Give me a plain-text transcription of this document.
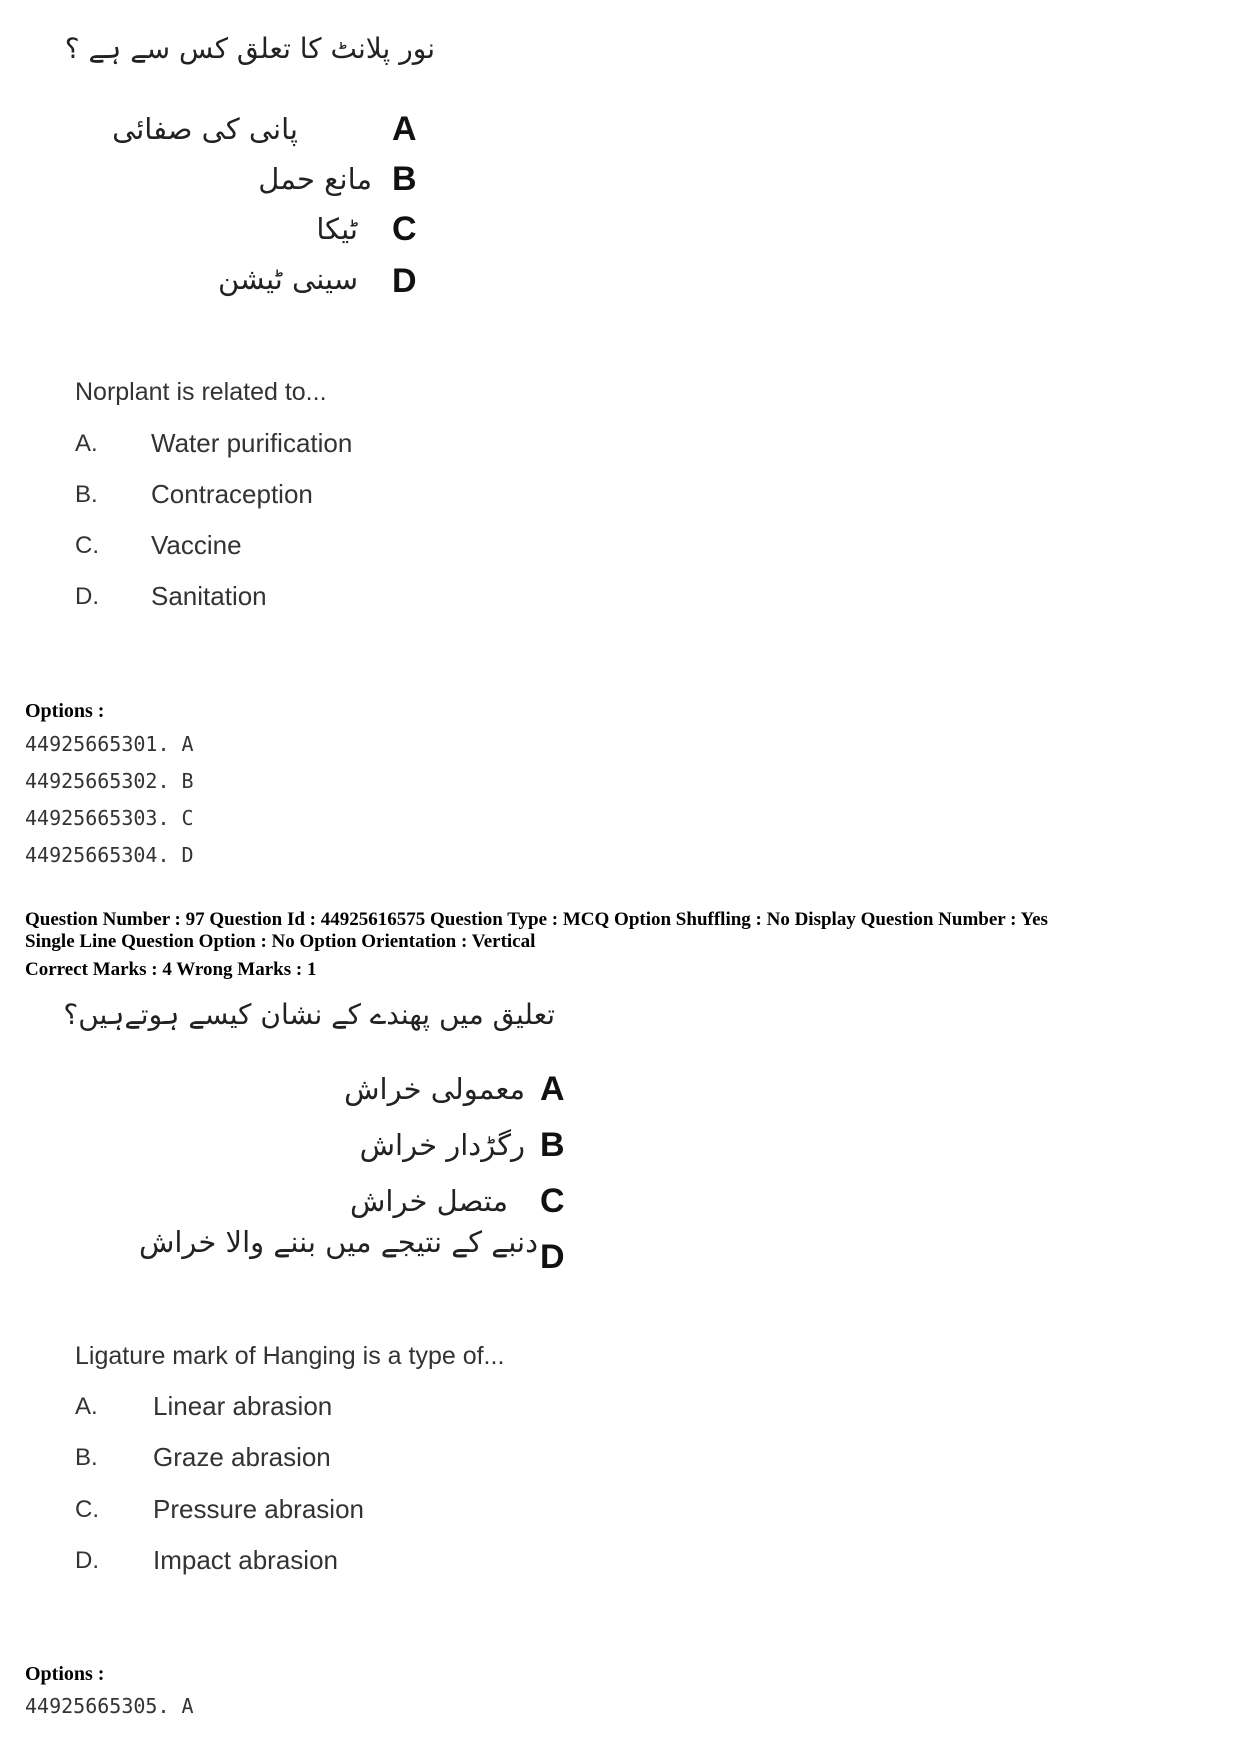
نور پلانٹ کا تعلق کس سے ہے ؟
پانی کی صفائی	A
مانع حمل B
ٹیکا C
سینی ٹیشن D
Norplant is related to...
A. Water purification
B. Contraception
C. Vaccine
D. Sanitation
Options :
44925665301. A
44925665302. B
44925665303. C
44925665304. D
Question Number : 97 Question Id : 44925616575 Question Type : MCQ Option Shuffling : No Display Question Number : Yes
Single Line Question Option : No Option Orientation : Vertical
Correct Marks : 4 Wrong Marks : 1
تعلیق میں پھندے کے نشان کیسے ہوتےہیں؟
معمولی خراش A
رگڑدار خراش B
متصل خراش C
دنبے کے نتیجے میں بننے والا خراش D
Ligature mark of Hanging is a type of...
A. Linear abrasion
B. Graze abrasion
C. Pressure abrasion
D. Impact abrasion
Options :
44925665305. A
